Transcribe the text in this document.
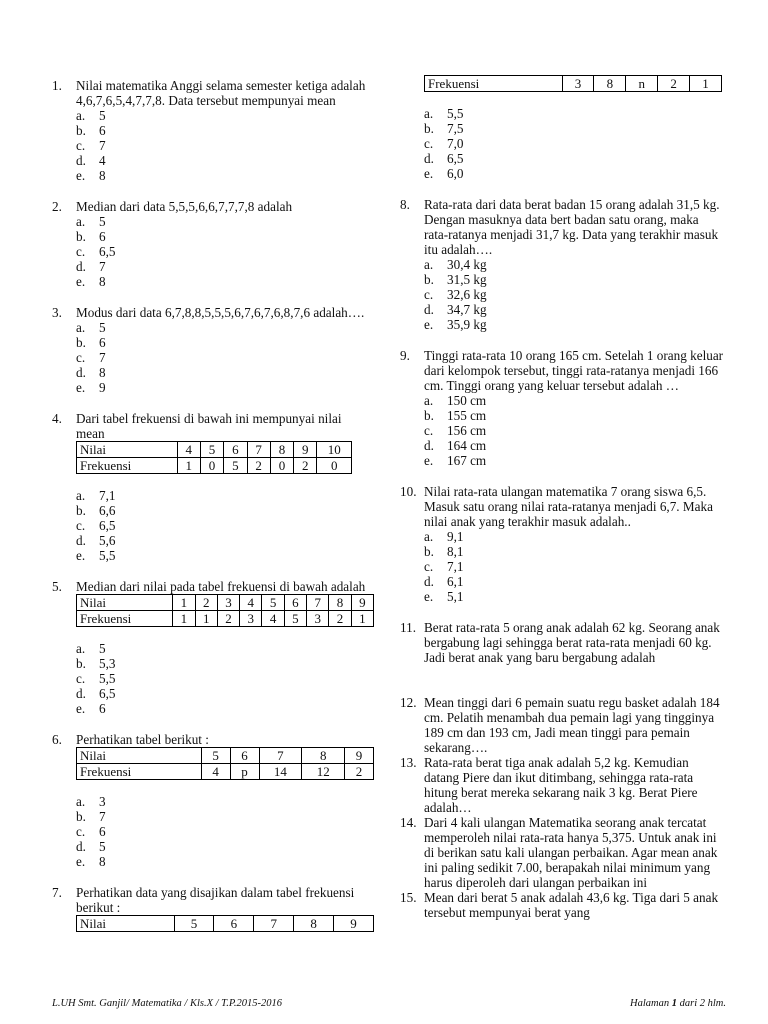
1. Nilai matematika Anggi selama semester ketiga adalah 4,6,7,6,5,4,7,7,8. Data tersebut mempunyai mean
a. 5
b. 6
c. 7
d. 4
e. 8
2. Median dari data 5,5,5,6,6,7,7,7,8 adalah
a. 5
b. 6
c. 6,5
d. 7
e. 8
3. Modus dari data 6,7,8,8,5,5,5,6,7,6,7,6,8,7,6 adalah….
a. 5
b. 6
c. 7
d. 8
e. 9
4. Dari tabel frekuensi di bawah ini mempunyai nilai mean
Nilai	4	5	6	7	8	9	10
Frekuensi	1	0	5	2	0	2	0
a. 7,1
b. 6,6
c. 6,5
d. 5,6
e. 5,5
5. Median dari nilai pada tabel frekuensi di bawah adalah
Nilai	1	2	3	4	5	6	7	8	9
Frekuensi	1	1	2	3	4	5	3	2	1
a. 5
b. 5,3
c. 5,5
d. 6,5
e. 6
6. Perhatikan tabel berikut :
Nilai	5	6	7	8	9
Frekuensi	4	p	14	12	2
a. 3
b. 7
c. 6
d. 5
e. 8
7. Perhatikan data yang disajikan dalam tabel frekuensi berikut :
Nilai	5	6	7	8	9
Frekuensi	3	8	n	2	1
a. 5,5
b. 7,5
c. 7,0
d. 6,5
e. 6,0
8. Rata-rata dari data berat badan 15 orang adalah 31,5 kg. Dengan masuknya data bert badan satu orang, maka rata-ratanya menjadi 31,7 kg. Data yang terakhir masuk itu adalah….
a. 30,4 kg
b. 31,5 kg
c. 32,6 kg
d. 34,7 kg
e. 35,9 kg
9. Tinggi rata-rata 10 orang 165 cm. Setelah 1 orang keluar dari kelompok tersebut, tinggi rata-ratanya menjadi 166 cm. Tinggi orang yang keluar tersebut adalah …
a. 150 cm
b. 155 cm
c. 156 cm
d. 164 cm
e. 167 cm
10. Nilai rata-rata ulangan matematika 7 orang siswa 6,5. Masuk satu orang nilai rata-ratanya menjadi 6,7. Maka nilai anak yang terakhir masuk adalah..
a. 9,1
b. 8,1
c. 7,1
d. 6,1
e. 5,1
11. Berat rata-rata 5 orang anak adalah 62 kg. Seorang anak bergabung lagi sehingga berat rata-rata menjadi 60 kg. Jadi berat anak yang baru bergabung adalah
12. Mean tinggi dari 6 pemain suatu regu basket adalah 184 cm. Pelatih menambah dua pemain lagi yang tingginya 189 cm dan 193 cm, Jadi mean tinggi para pemain sekarang….
13. Rata-rata berat tiga anak adalah 5,2 kg. Kemudian datang Piere dan ikut ditimbang, sehingga rata-rata hitung berat mereka sekarang naik 3 kg. Berat Piere adalah…
14. Dari 4 kali ulangan Matematika seorang anak tercatat memperoleh nilai rata-rata hanya 5,375. Untuk anak ini di berikan satu kali ulangan perbaikan. Agar mean anak ini paling sedikit 7.00, berapakah nilai minimum yang harus diperoleh dari ulangan perbaikan ini
15. Mean dari berat 5 anak adalah 43,6 kg. Tiga dari 5 anak tersebut mempunyai berat yang
L.UH Smt. Ganjil/ Matematika / Kls.X / T.P.2015-2016	Halaman 1 dari 2 hlm.
